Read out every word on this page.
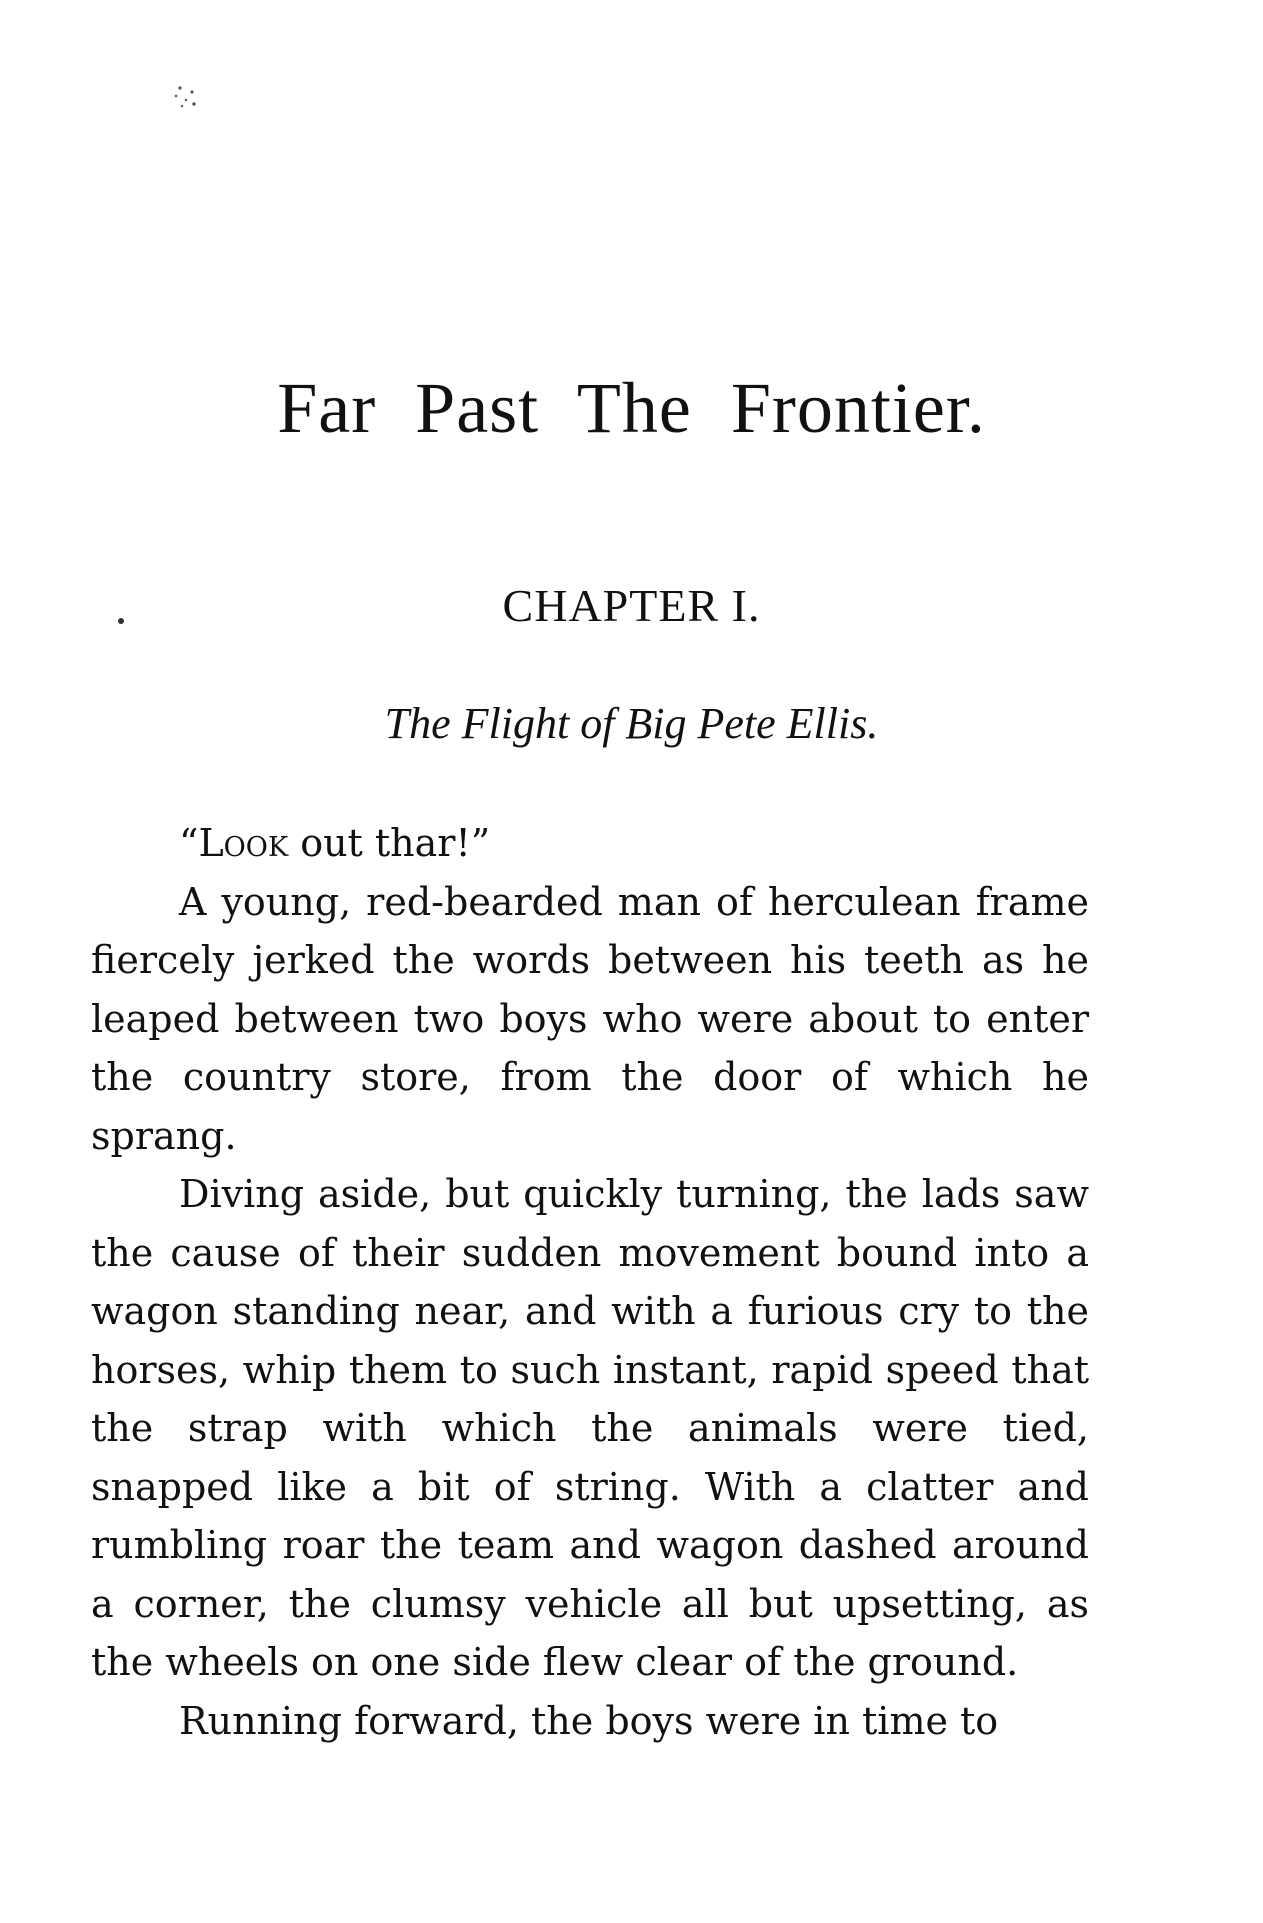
Far Past The Frontier.
CHAPTER I.
The Flight of Big Pete Ellis.

“Look out thar!”

A young, red-bearded man of herculean frame fiercely jerked the words between his teeth as he leaped between two boys who were about to enter the country store, from the door of which he sprang.

Diving aside, but quickly turning, the lads saw the cause of their sudden movement bound into a wagon standing near, and with a furious cry to the horses, whip them to such instant, rapid speed that the strap with which the animals were tied, snapped like a bit of string. With a clatter and rumbling roar the team and wagon dashed around a corner, the clumsy vehicle all but upsetting, as the wheels on one side flew clear of the ground.

Running forward, the boys were in time to
